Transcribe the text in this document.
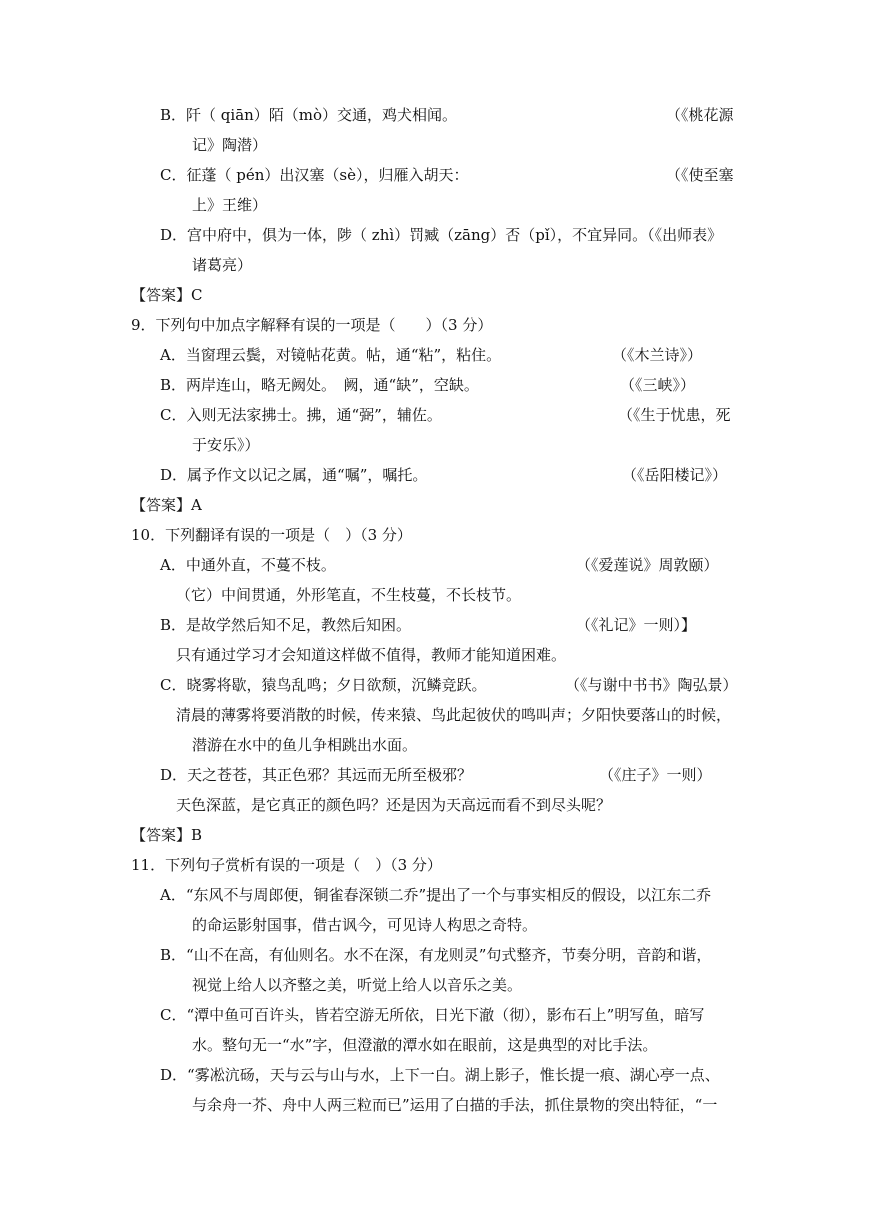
B．阡（ qiān）陌（mò）交通，鸡犬相闻。	（《桃花源
记》陶潜）
C．征蓬（ pén）出汉塞（sè），归雁入胡天：	（《使至塞
上》王维）
D．宫中府中，俱为一体，陟（ zhì）罚臧（zāng）否（pǐ），不宜异同。（《出师表》
诸葛亮）
【答案】C
9．下列句中加点字解释有误的一项是（　　）（3 分）
A．当窗理云鬓，对镜帖花黄。帖，通“粘”，粘住。	（《木兰诗》）
B．两岸连山，略无阙处。　阙，通“缺”，空缺。	（《三峡》）
C．入则无法家拂士。拂，通“弼”，辅佐。	（《生于忧患，死
于安乐》）
D．属予作文以记之属，通“嘱”，嘱托。	（《岳阳楼记》）
【答案】A
10．下列翻译有误的一项是（　）（3 分）
A．中通外直，不蔓不枝。	（《爱莲说》周敦颐）
（它）中间贯通，外形笔直，不生枝蔓，不长枝节。
B．是故学然后知不足，教然后知困。	（《礼记》一则）】
只有通过学习才会知道这样做不值得，教师才能知道困难。
C．晓雾将歇，猿鸟乱鸣；夕日欲颓，沉鳞竞跃。	（《与谢中书书》陶弘景）
清晨的薄雾将要消散的时候，传来猿、鸟此起彼伏的鸣叫声；夕阳快要落山的时候，
潜游在水中的鱼儿争相跳出水面。
D．天之苍苍，其正色邪？其远而无所至极邪？	（《庄子》一则）
天色深蓝，是它真正的颜色吗？还是因为天高远而看不到尽头呢？
【答案】B
11．下列句子赏析有误的一项是（　）（3 分）
A．“东风不与周郎便，铜雀春深锁二乔”提出了一个与事实相反的假设，以江东二乔
的命运影射国事，借古讽今，可见诗人构思之奇特。
B．“山不在高，有仙则名。水不在深，有龙则灵”句式整齐，节奏分明，音韵和谐，
视觉上给人以齐整之美，听觉上给人以音乐之美。
C．“潭中鱼可百许头，皆若空游无所依，日光下澈（彻），影布石上”明写鱼，暗写
水。整句无一“水”字，但澄澈的潭水如在眼前，这是典型的对比手法。
D．“雾凇沆砀，天与云与山与水，上下一白。湖上影子，惟长提一痕、湖心亭一点、
与余舟一芥、舟中人两三粒而已”运用了白描的手法，抓住景物的突出特征，“一
